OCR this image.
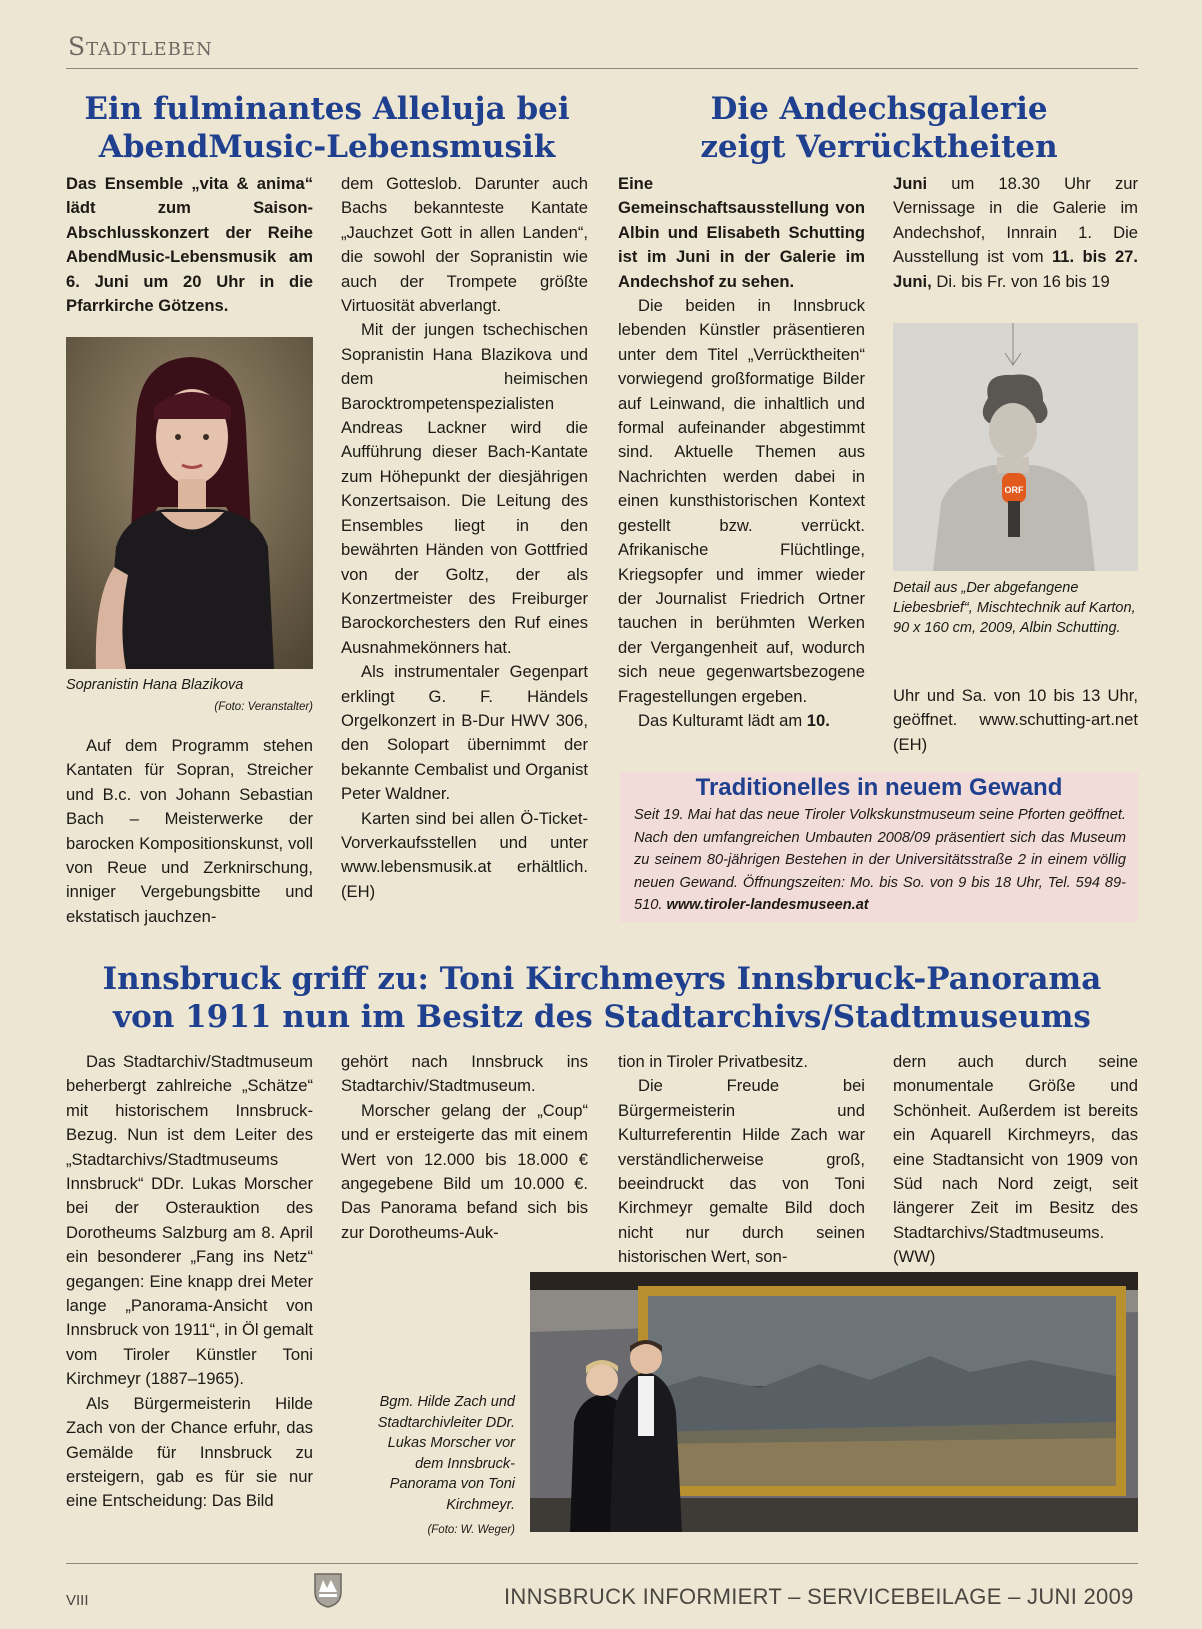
Stadtleben
Ein fulminantes Alleluja bei
AbendMusic-Lebensmusik
Die Andechsgalerie
zeigt Verrücktheiten

Das Ensemble „vita & anima“ lädt zum Saison-Abschlusskonzert der Reihe AbendMusic-Lebensmusik am 6. Juni um 20 Uhr in die Pfarrkirche Götzens.

Sopranistin Hana Blazikova
(Foto: Veranstalter)

Auf dem Programm stehen Kantaten für Sopran, Streicher und B.c. von Johann Sebastian Bach – Meisterwerke der barocken Kompositionskunst, voll von Reue und Zerknirschung, inniger Vergebungsbitte und ekstatisch jauchzen-

dem Gotteslob. Darunter auch Bachs bekannteste Kantate „Jauchzet Gott in allen Landen“, die sowohl der Sopranistin wie auch der Trompete größte Virtuosität abverlangt.

Mit der jungen tschechischen Sopranistin Hana Blazikova und dem heimischen Barocktrompetenspezialisten Andreas Lackner wird die Aufführung dieser Bach-Kantate zum Höhepunkt der diesjährigen Konzertsaison. Die Leitung des Ensembles liegt in den bewährten Händen von Gottfried von der Goltz, der als Konzertmeister des Freiburger Barockorchesters den Ruf eines Ausnahmekönners hat.

Als instrumentaler Gegenpart erklingt G. F. Händels Orgelkonzert in B-Dur HWV 306, den Solopart übernimmt der bekannte Cembalist und Organist Peter Waldner.

Karten sind bei allen Ö-Ticket-Vorverkaufsstellen und unter www.lebensmusik.at erhältlich. (EH)

Eine Gemeinschaftsausstellung von Albin und Elisabeth Schutting ist im Juni in der Galerie im Andechshof zu sehen.

Die beiden in Innsbruck lebenden Künstler präsentieren unter dem Titel „Verrücktheiten“ vorwiegend großformatige Bilder auf Leinwand, die inhaltlich und formal aufeinander abgestimmt sind. Aktuelle Themen aus Nachrichten werden dabei in einen kunsthistorischen Kontext gestellt bzw. verrückt. Afrikanische Flüchtlinge, Kriegsopfer und immer wieder der Journalist Friedrich Ortner tauchen in berühmten Werken der Vergangenheit auf, wodurch sich neue gegenwartsbezogene Fragestellungen ergeben.

Das Kulturamt lädt am 10.

Juni um 18.30 Uhr zur Vernissage in die Galerie im Andechshof, Innrain 1. Die Ausstellung ist vom 11. bis 27. Juni, Di. bis Fr. von 16 bis 19

ORF
Detail aus „Der abgefangene Liebesbrief“, Mischtechnik auf Karton, 90 x 160 cm, 2009, Albin Schutting.

Uhr und Sa. von 10 bis 13 Uhr, geöffnet. www.schutting-art.net (EH)

Traditionelles in neuem Gewand
Seit 19. Mai hat das neue Tiroler Volkskunstmuseum seine Pforten geöffnet. Nach den umfangreichen Umbauten 2008/09 präsentiert sich das Museum zu seinem 80-jährigen Bestehen in der Universitätsstraße 2 in einem völlig neuen Gewand. Öffnungszeiten: Mo. bis So. von 9 bis 18 Uhr, Tel. 594 89-510. www.tiroler-landesmuseen.at
Innsbruck griff zu: Toni Kirchmeyrs Innsbruck-Panorama
von 1911 nun im Besitz des Stadtarchivs/Stadtmuseums

Das Stadtarchiv/Stadtmuseum beherbergt zahlreiche „Schätze“ mit historischem Innsbruck-Bezug. Nun ist dem Leiter des „Stadtarchivs/Stadtmuseums Innsbruck“ DDr. Lukas Morscher bei der Osterauktion des Dorotheums Salzburg am 8. April ein besonderer „Fang ins Netz“ gegangen: Eine knapp drei Meter lange „Panorama-Ansicht von Innsbruck von 1911“, in Öl gemalt vom Tiroler Künstler Toni Kirchmeyr (1887–1965).

Als Bürgermeisterin Hilde Zach von der Chance erfuhr, das Gemälde für Innsbruck zu ersteigern, gab es für sie nur eine Entscheidung: Das Bild

gehört nach Innsbruck ins Stadtarchiv/Stadtmuseum.

Morscher gelang der „Coup“ und er ersteigerte das mit einem Wert von 12.000 bis 18.000 € angegebene Bild um 10.000 €. Das Panorama befand sich bis zur Dorotheums-Auk-

tion in Tiroler Privatbesitz.

Die Freude bei Bürgermeisterin und Kulturreferentin Hilde Zach war verständlicherweise groß, beeindruckt das von Toni Kirchmeyr gemalte Bild doch nicht nur durch seinen historischen Wert, son-

dern auch durch seine monumentale Größe und Schönheit. Außerdem ist bereits ein Aquarell Kirchmeyrs, das eine Stadtansicht von 1909 von Süd nach Nord zeigt, seit längerer Zeit im Besitz des Stadtarchivs/Stadtmuseums. (WW)

Bgm. Hilde Zach und Stadtarchivleiter DDr. Lukas Morscher vor dem Innsbruck-Panorama von Toni Kirchmeyr.
(Foto: W. Weger)
VIII	INNSBRUCK INFORMIERT – SERVICEBEILAGE – JUNI 2009
